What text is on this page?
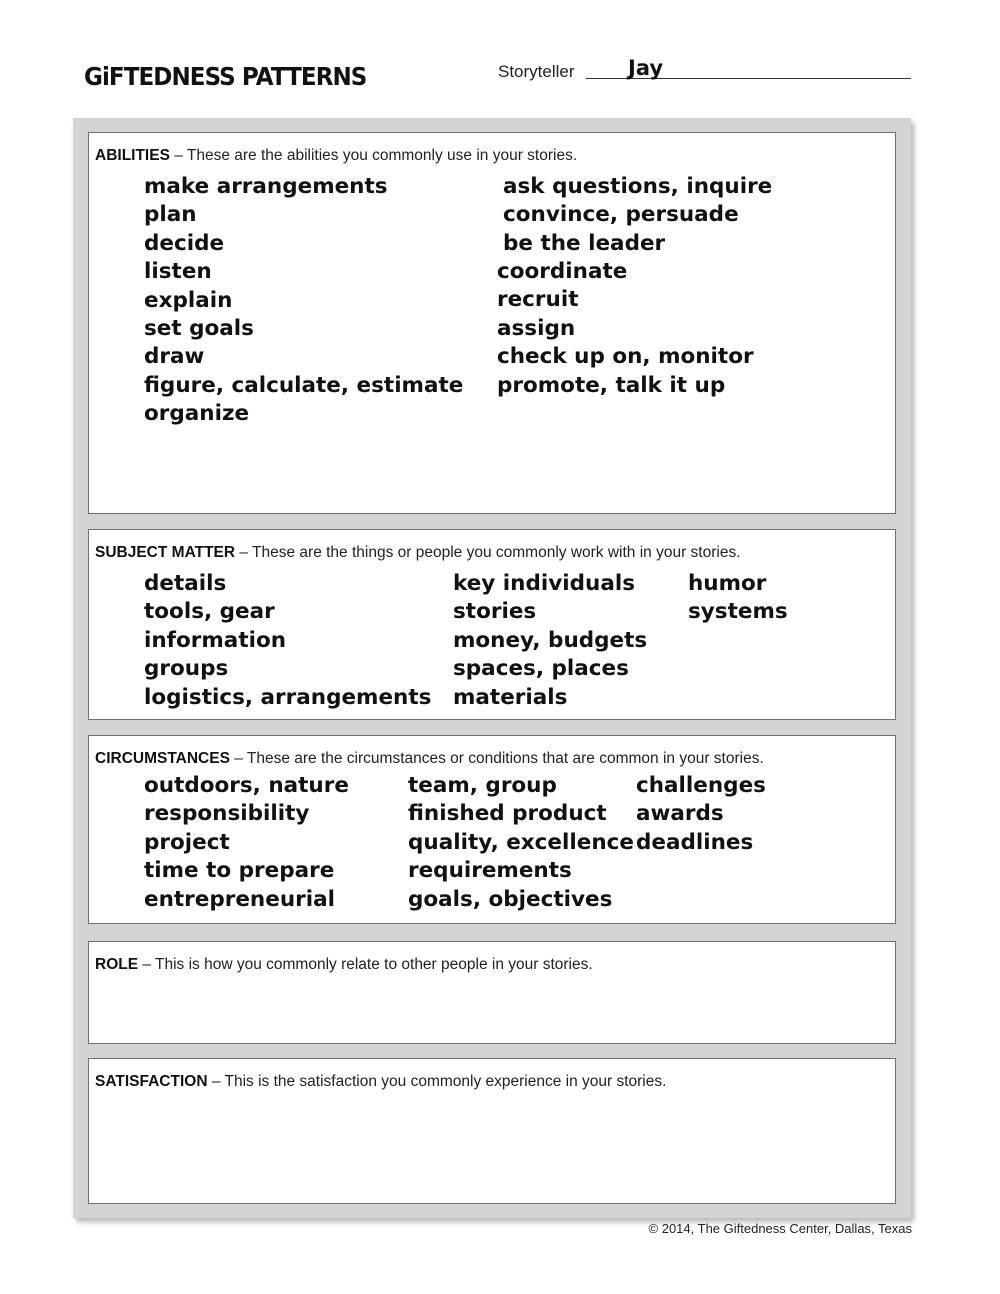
GiFTEDNESS PATTERNS	Storyteller	Jay
ABILITIES – These are the abilities you commonly use in your stories.
make arrangements
plan
decide
listen
explain
set goals
draw
figure, calculate, estimate
organize
ask questions, inquire
convince, persuade
be the leader
coordinate
recruit
assign
check up on, monitor
promote, talk it up
SUBJECT MATTER – These are the things or people you commonly work with in your stories.
details
tools, gear
information
groups
logistics, arrangements
key individuals
stories
money, budgets
spaces, places
materials
humor
systems
CIRCUMSTANCES – These are the circumstances or conditions that are common in your stories.
outdoors, nature
responsibility
project
time to prepare
entrepreneurial
team, group
finished product
quality, excellence
requirements
goals, objectives
challenges
awards
deadlines
ROLE – This is how you commonly relate to other people in your stories.
SATISFACTION – This is the satisfaction you commonly experience in your stories.
© 2014, The Giftedness Center, Dallas, Texas
